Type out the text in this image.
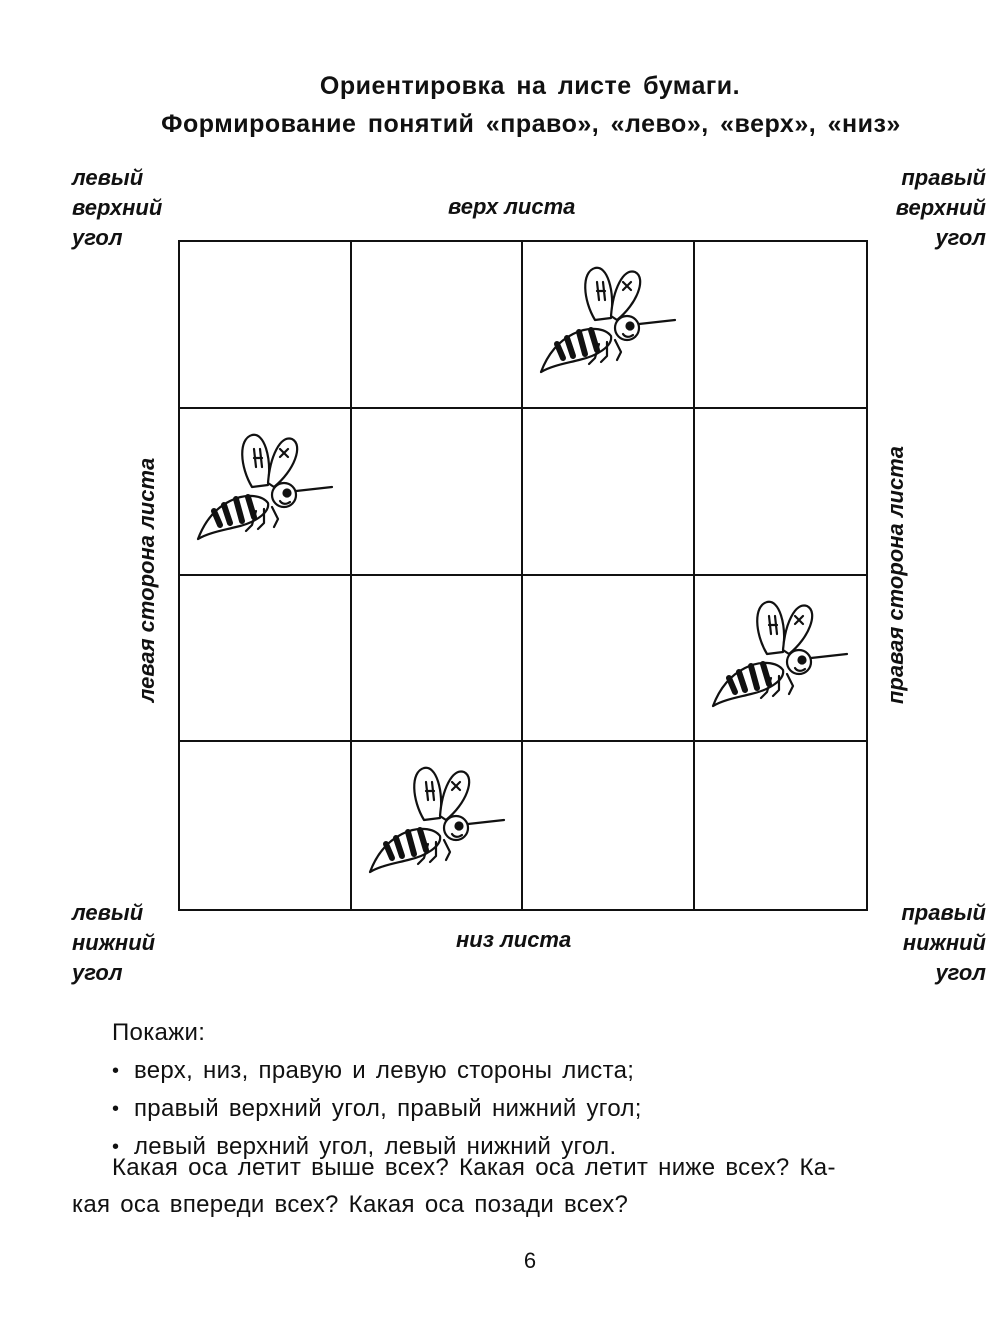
Ориентировка на листе бумаги.
Формирование понятий «право», «лево», «верх», «низ»
левый
верхний
угол
правый
верхний
угол
левый
нижний
угол
правый
нижний
угол
верх листа
низ листа
левая сторона листа	правая сторона листа
Покажи:
• верх, низ, правую и левую стороны листа;
• правый верхний угол, правый нижний угол;
• левый верхний угол, левый нижний угол.
Какая оса летит выше всех? Какая оса летит ниже всех? Ка-
кая оса впереди всех? Какая оса позади всех?
6
